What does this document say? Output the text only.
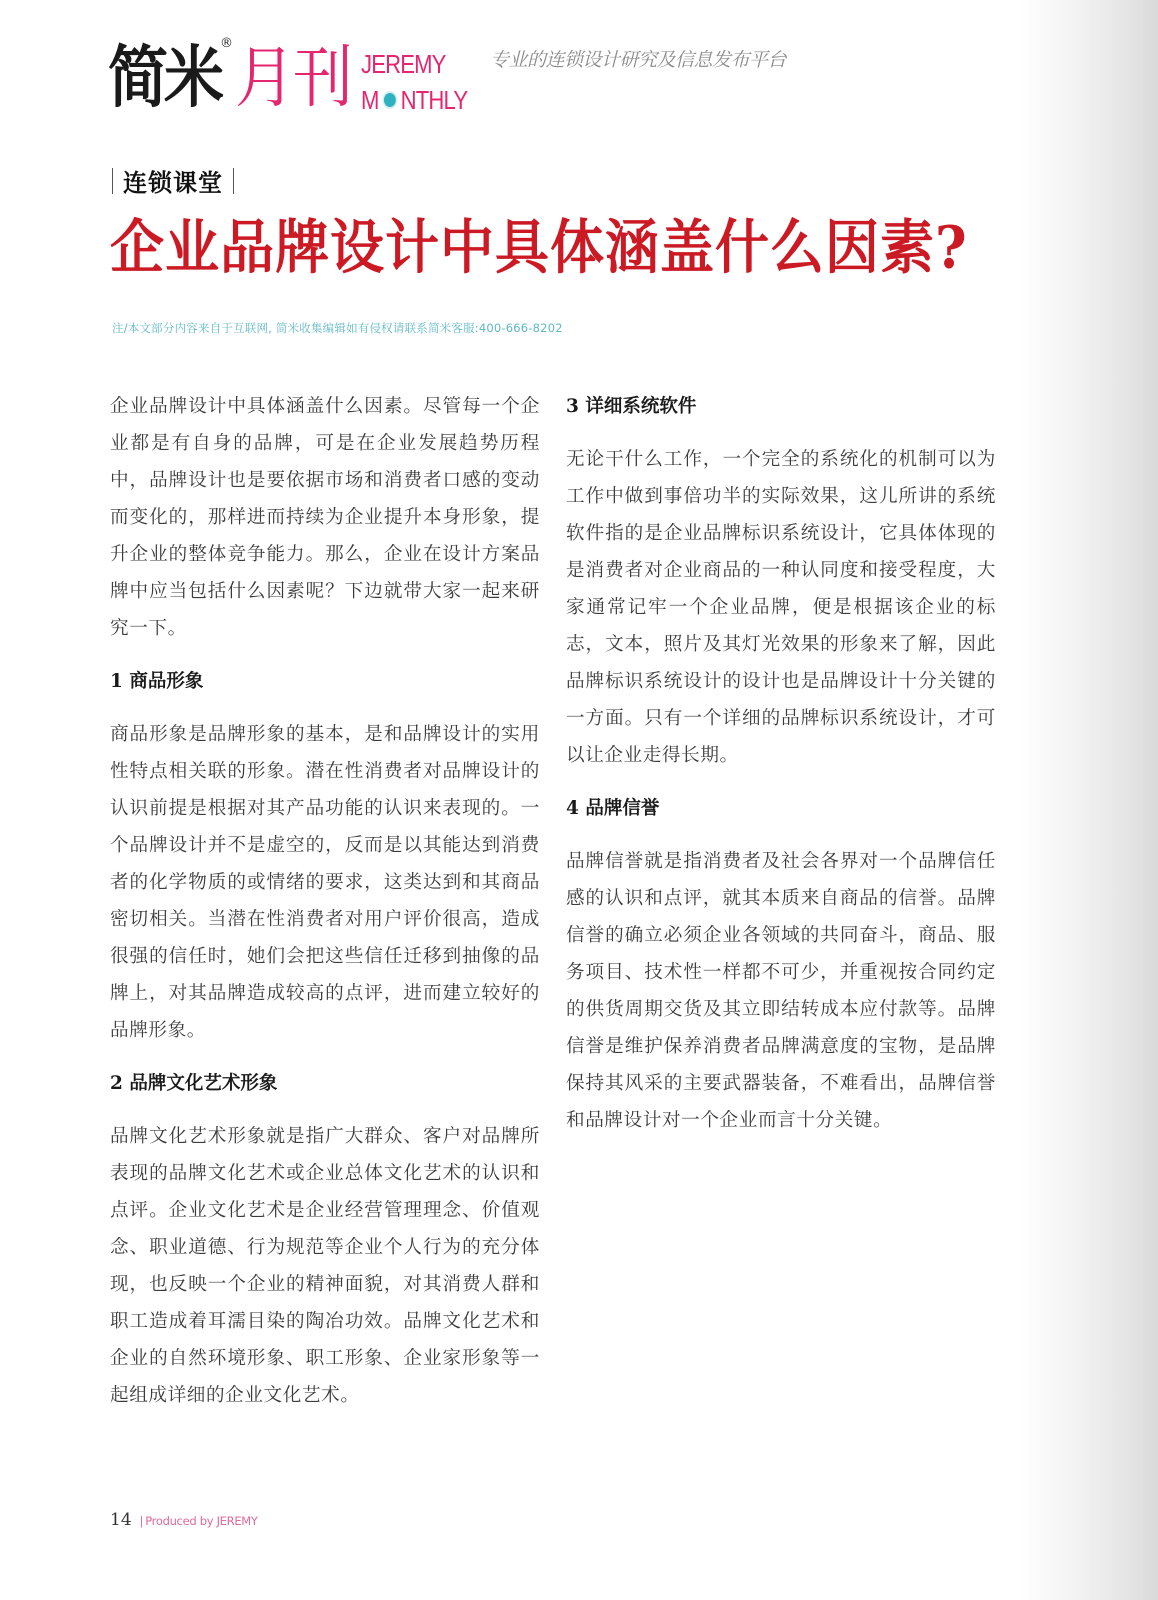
简米 ® 月刊 JEREMY
M NTHLY
专业的连锁设计研究及信息发布平台
连锁课堂
企业品牌设计中具体涵盖什么因素?
注/本文部分内容来自于互联网, 简米收集编辑如有侵权请联系简米客服:400-666-8202

企业品牌设计中具体涵盖什么因素。尽管每一个企业都是有自身的品牌，可是在企业发展趋势历程中，品牌设计也是要依据市场和消费者口感的变动而变化的，那样进而持续为企业提升本身形象，提升企业的整体竞争能力。那么，企业在设计方案品牌中应当包括什么因素呢？下边就带大家一起来研究一下。

1 商品形象

商品形象是品牌形象的基本，是和品牌设计的实用性特点相关联的形象。潜在性消费者对品牌设计的认识前提是根据对其产品功能的认识来表现的。一个品牌设计并不是虚空的，反而是以其能达到消费者的化学物质的或情绪的要求，这类达到和其商品密切相关。当潜在性消费者对用户评价很高，造成很强的信任时，她们会把这些信任迁移到抽像的品牌上，对其品牌造成较高的点评，进而建立较好的品牌形象。

2 品牌文化艺术形象

品牌文化艺术形象就是指广大群众、客户对品牌所表现的品牌文化艺术或企业总体文化艺术的认识和点评。企业文化艺术是企业经营管理理念、价值观念、职业道德、行为规范等企业个人行为的充分体现，也反映一个企业的精神面貌，对其消费人群和职工造成着耳濡目染的陶冶功效。品牌文化艺术和企业的自然环境形象、职工形象、企业家形象等一起组成详细的企业文化艺术。

3 详细系统软件

无论干什么工作，一个完全的系统化的机制可以为工作中做到事倍功半的实际效果，这儿所讲的系统软件指的是企业品牌标识系统设计，它具体体现的是消费者对企业商品的一种认同度和接受程度，大家通常记牢一个企业品牌，便是根据该企业的标志，文本，照片及其灯光效果的形象来了解，因此品牌标识系统设计的设计也是品牌设计十分关键的一方面。只有一个详细的品牌标识系统设计，才可以让企业走得长期。

4 品牌信誉

品牌信誉就是指消费者及社会各界对一个品牌信任感的认识和点评，就其本质来自商品的信誉。品牌信誉的确立必须企业各领域的共同奋斗，商品、服务项目、技术性一样都不可少，并重视按合同约定的供货周期交货及其立即结转成本应付款等。品牌信誉是维护保养消费者品牌满意度的宝物，是品牌保持其风采的主要武器装备，不难看出，品牌信誉和品牌设计对一个企业而言十分关键。

14 | Produced by JEREMY
